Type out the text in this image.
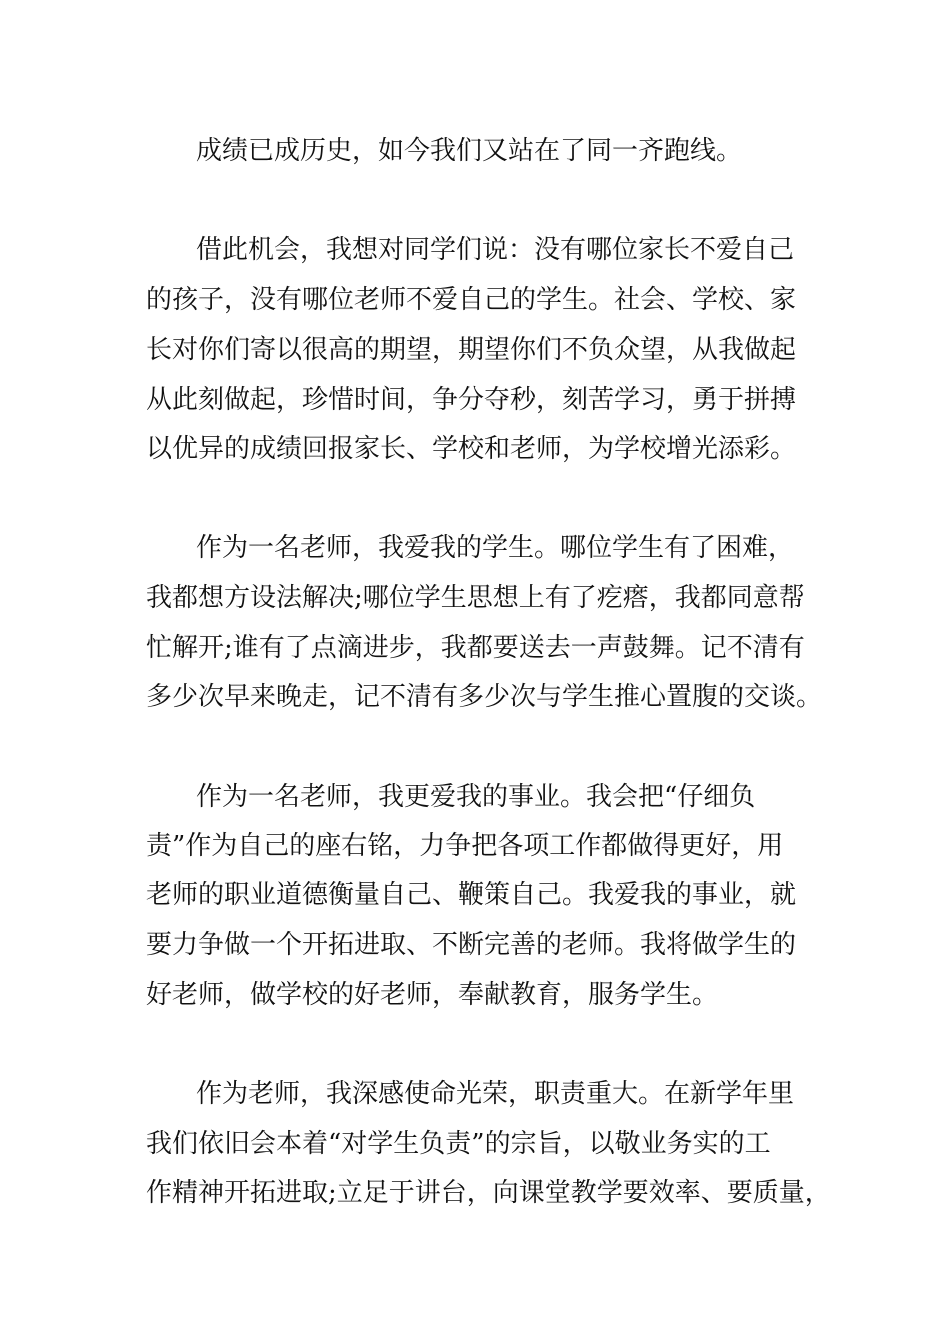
成绩已成历史，如今我们又站在了同一齐跑线。
借此机会，我想对同学们说：没有哪位家长不爱自己
的孩子，没有哪位老师不爱自己的学生。社会、学校、家
长对你们寄以很高的期望，期望你们不负众望，从我做起
从此刻做起，珍惜时间，争分夺秒，刻苦学习，勇于拼搏
以优异的成绩回报家长、学校和老师，为学校增光添彩。
作为一名老师，我爱我的学生。哪位学生有了困难，
我都想方设法解决;哪位学生思想上有了疙瘩，我都同意帮
忙解开;谁有了点滴进步，我都要送去一声鼓舞。记不清有
多少次早来晚走，记不清有多少次与学生推心置腹的交谈。
作为一名老师，我更爱我的事业。我会把“仔细负
责”作为自己的座右铭，力争把各项工作都做得更好，用
老师的职业道德衡量自己、鞭策自己。我爱我的事业，就
要力争做一个开拓进取、不断完善的老师。我将做学生的
好老师，做学校的好老师，奉献教育，服务学生。
作为老师，我深感使命光荣，职责重大。在新学年里
我们依旧会本着“对学生负责”的宗旨，以敬业务实的工
作精神开拓进取;立足于讲台，向课堂教学要效率、要质量，
